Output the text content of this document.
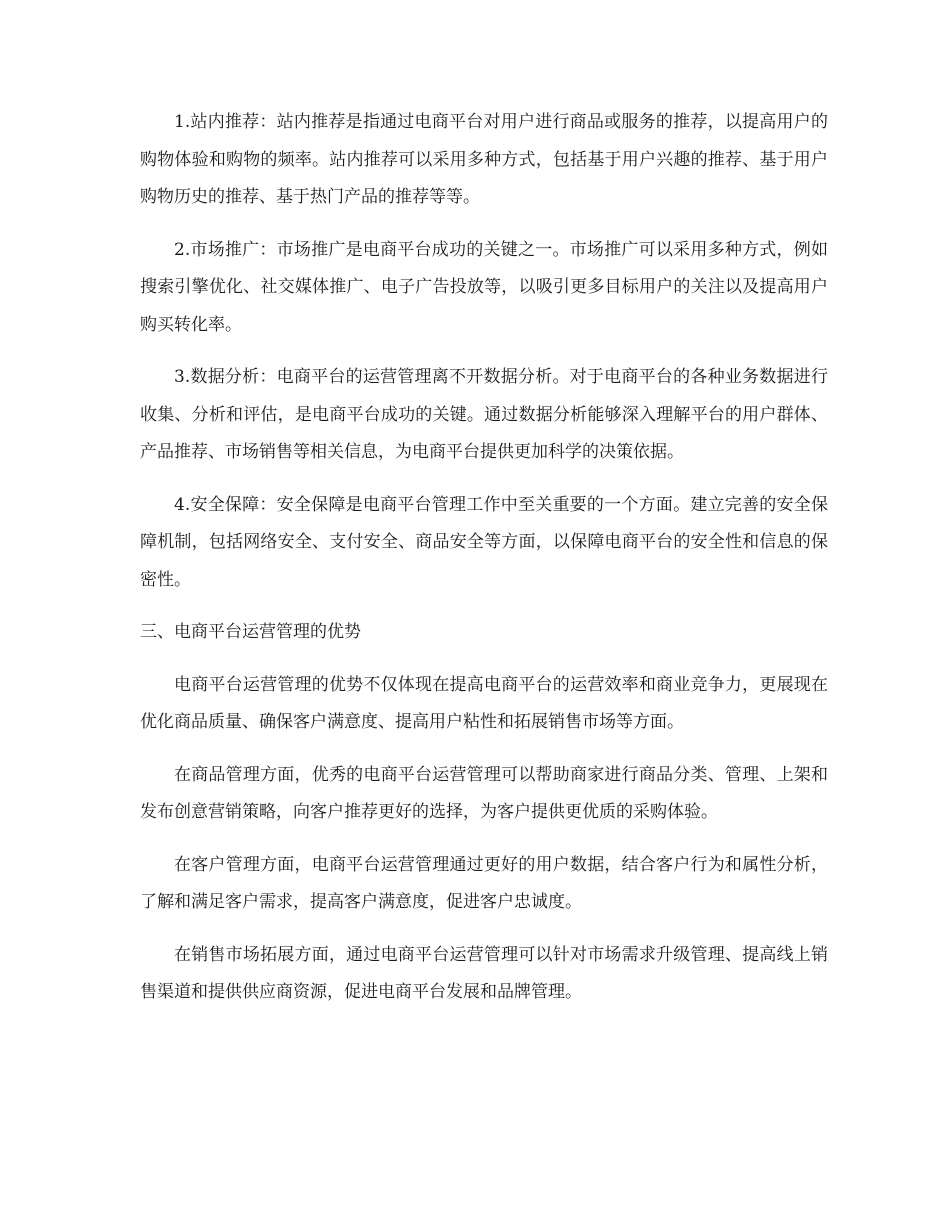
1.站内推荐：站内推荐是指通过电商平台对用户进行商品或服务的推荐，以提高用户的购物体验和购物的频率。站内推荐可以采用多种方式，包括基于用户兴趣的推荐、基于用户购物历史的推荐、基于热门产品的推荐等等。

2.市场推广：市场推广是电商平台成功的关键之一。市场推广可以采用多种方式，例如搜索引擎优化、社交媒体推广、电子广告投放等，以吸引更多目标用户的关注以及提高用户购买转化率。

3.数据分析：电商平台的运营管理离不开数据分析。对于电商平台的各种业务数据进行收集、分析和评估，是电商平台成功的关键。通过数据分析能够深入理解平台的用户群体、产品推荐、市场销售等相关信息，为电商平台提供更加科学的决策依据。

4.安全保障：安全保障是电商平台管理工作中至关重要的一个方面。建立完善的安全保障机制，包括网络安全、支付安全、商品安全等方面，以保障电商平台的安全性和信息的保密性。

三、电商平台运营管理的优势

电商平台运营管理的优势不仅体现在提高电商平台的运营效率和商业竞争力，更展现在优化商品质量、确保客户满意度、提高用户粘性和拓展销售市场等方面。

在商品管理方面，优秀的电商平台运营管理可以帮助商家进行商品分类、管理、上架和发布创意营销策略，向客户推荐更好的选择，为客户提供更优质的采购体验。

在客户管理方面，电商平台运营管理通过更好的用户数据，结合客户行为和属性分析，了解和满足客户需求，提高客户满意度，促进客户忠诚度。

在销售市场拓展方面，通过电商平台运营管理可以针对市场需求升级管理、提高线上销售渠道和提供供应商资源，促进电商平台发展和品牌管理。
